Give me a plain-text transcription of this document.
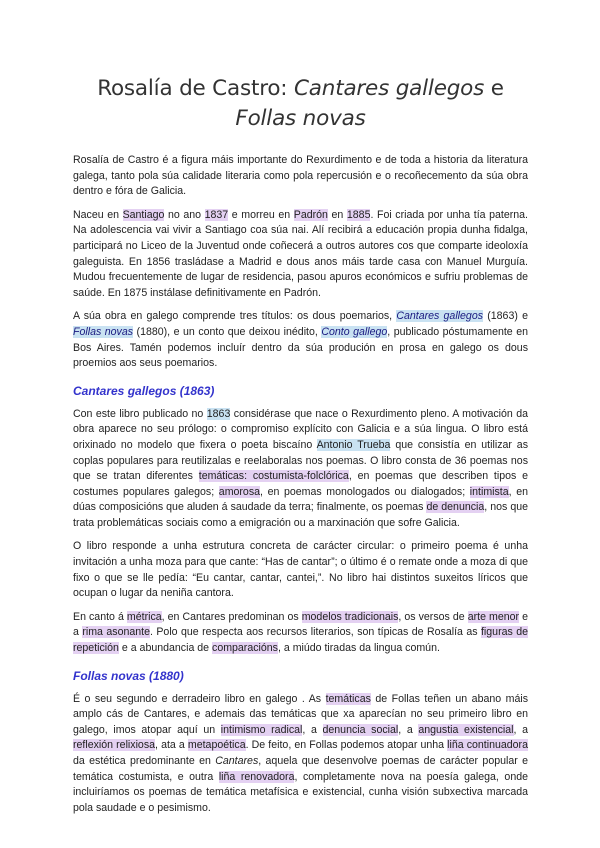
Rosalía de Castro: Cantares gallegos e
Follas novas

Rosalía de Castro é a figura máis importante do Rexurdimento e de toda a historia da literatura galega, tanto pola súa calidade literaria como pola repercusión e o recoñecemento da súa obra dentro e fóra de Galicia.

Naceu en Santiago no ano 1837 e morreu en Padrón en 1885. Foi criada por unha tía paterna. Na adolescencia vai vivir a Santiago coa súa nai. Alí recibirá a educación propia dunha fidalga, participará no Liceo de la Juventud onde coñecerá a outros autores cos que comparte ideoloxía galeguista. En 1856 trasládase a Madrid e dous anos máis tarde casa con Manuel Murguía. Mudou frecuentemente de lugar de residencia, pasou apuros económicos e sufriu problemas de saúde. En 1875 instálase definitivamente en Padrón.

A súa obra en galego comprende tres títulos: os dous poemarios, Cantares gallegos (1863) e Follas novas (1880), e un conto que deixou inédito, Conto gallego, publicado póstumamente en Bos Aires. Tamén podemos incluír dentro da súa produción en prosa en galego os dous proemios aos seus poemarios.

Cantares gallegos (1863)

Con este libro publicado no 1863 considérase que nace o Rexurdimento pleno. A motivación da obra aparece no seu prólogo: o compromiso explícito con Galicia e a súa lingua. O libro está orixinado no modelo que fixera o poeta biscaíno Antonio Trueba que consistía en utilizar as coplas populares para reutilizalas e reelaboralas nos poemas. O libro consta de 36 poemas nos que se tratan diferentes temáticas: costumista-folclórica, en poemas que describen tipos e costumes populares galegos; amorosa, en poemas monologados ou dialogados; intimista, en dúas composicións que aluden á saudade da terra; finalmente, os poemas de denuncia, nos que trata problemáticas sociais como a emigración ou a marxinación que sofre Galicia.

O libro responde a unha estrutura concreta de carácter circular: o primeiro poema é unha invitación a unha moza para que cante: “Has de cantar”; o último é o remate onde a moza di que fixo o que se lle pedía: “Eu cantar, cantar, cantei,”. No libro hai distintos suxeitos líricos que ocupan o lugar da neniña cantora.

En canto á métrica, en Cantares predominan os modelos tradicionais, os versos de arte menor e a rima asonante. Polo que respecta aos recursos literarios, son típicas de Rosalía as figuras de repetición e a abundancia de comparacións, a miúdo tiradas da lingua común.

Follas novas (1880)

É o seu segundo e derradeiro libro en galego . As temáticas de Follas teñen un abano máis amplo cás de Cantares, e ademais das temáticas que xa aparecían no seu primeiro libro en galego, imos atopar aquí un intimismo radical, a denuncia social, a angustia existencial, a reflexión relixiosa, ata a metapoética. De feito, en Follas podemos atopar unha liña continuadora da estética predominante en Cantares, aquela que desenvolve poemas de carácter popular e temática costumista, e outra liña renovadora, completamente nova na poesía galega, onde incluiríamos os poemas de temática metafísica e existencial, cunha visión subxectiva marcada pola saudade e o pesimismo.
